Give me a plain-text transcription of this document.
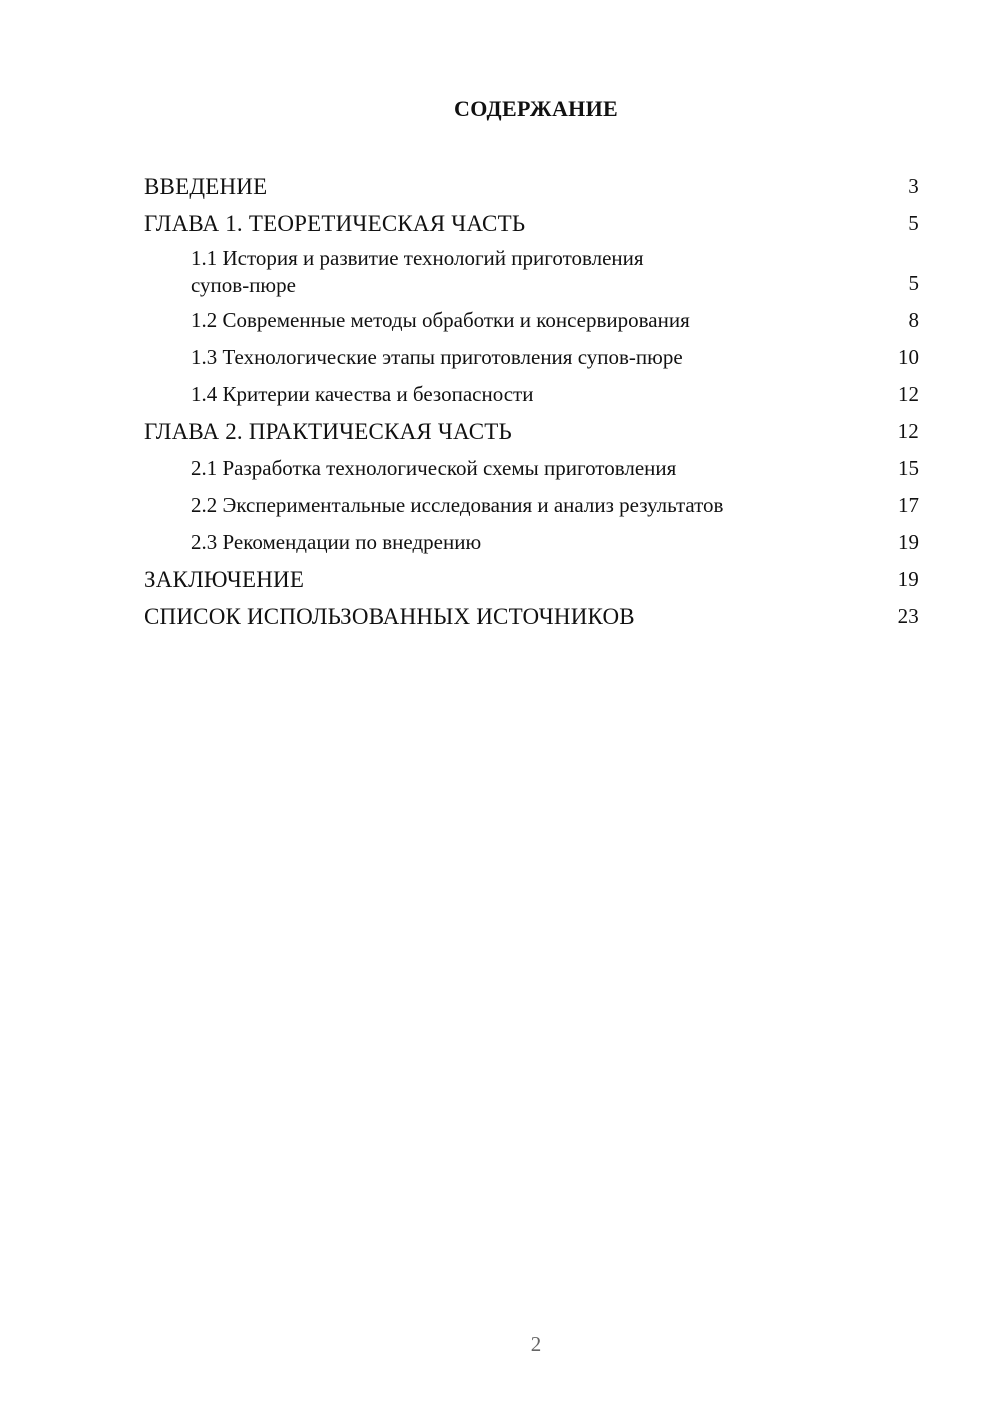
СОДЕРЖАНИЕ
ВВЕДЕНИЕ	3
ГЛАВА 1. ТЕОРЕТИЧЕСКАЯ ЧАСТЬ	5
1.1 История и развитие технологий приготовления
супов-пюре	5
1.2 Современные методы обработки и консервирования	8
1.3 Технологические этапы приготовления супов-пюре	10
1.4 Критерии качества и безопасности	12
ГЛАВА 2. ПРАКТИЧЕСКАЯ ЧАСТЬ	12
2.1 Разработка технологической схемы приготовления	15
2.2 Экспериментальные исследования и анализ результатов	17
2.3 Рекомендации по внедрению	19
ЗАКЛЮЧЕНИЕ	19
СПИСОК ИСПОЛЬЗОВАННЫХ ИСТОЧНИКОВ	23
2
